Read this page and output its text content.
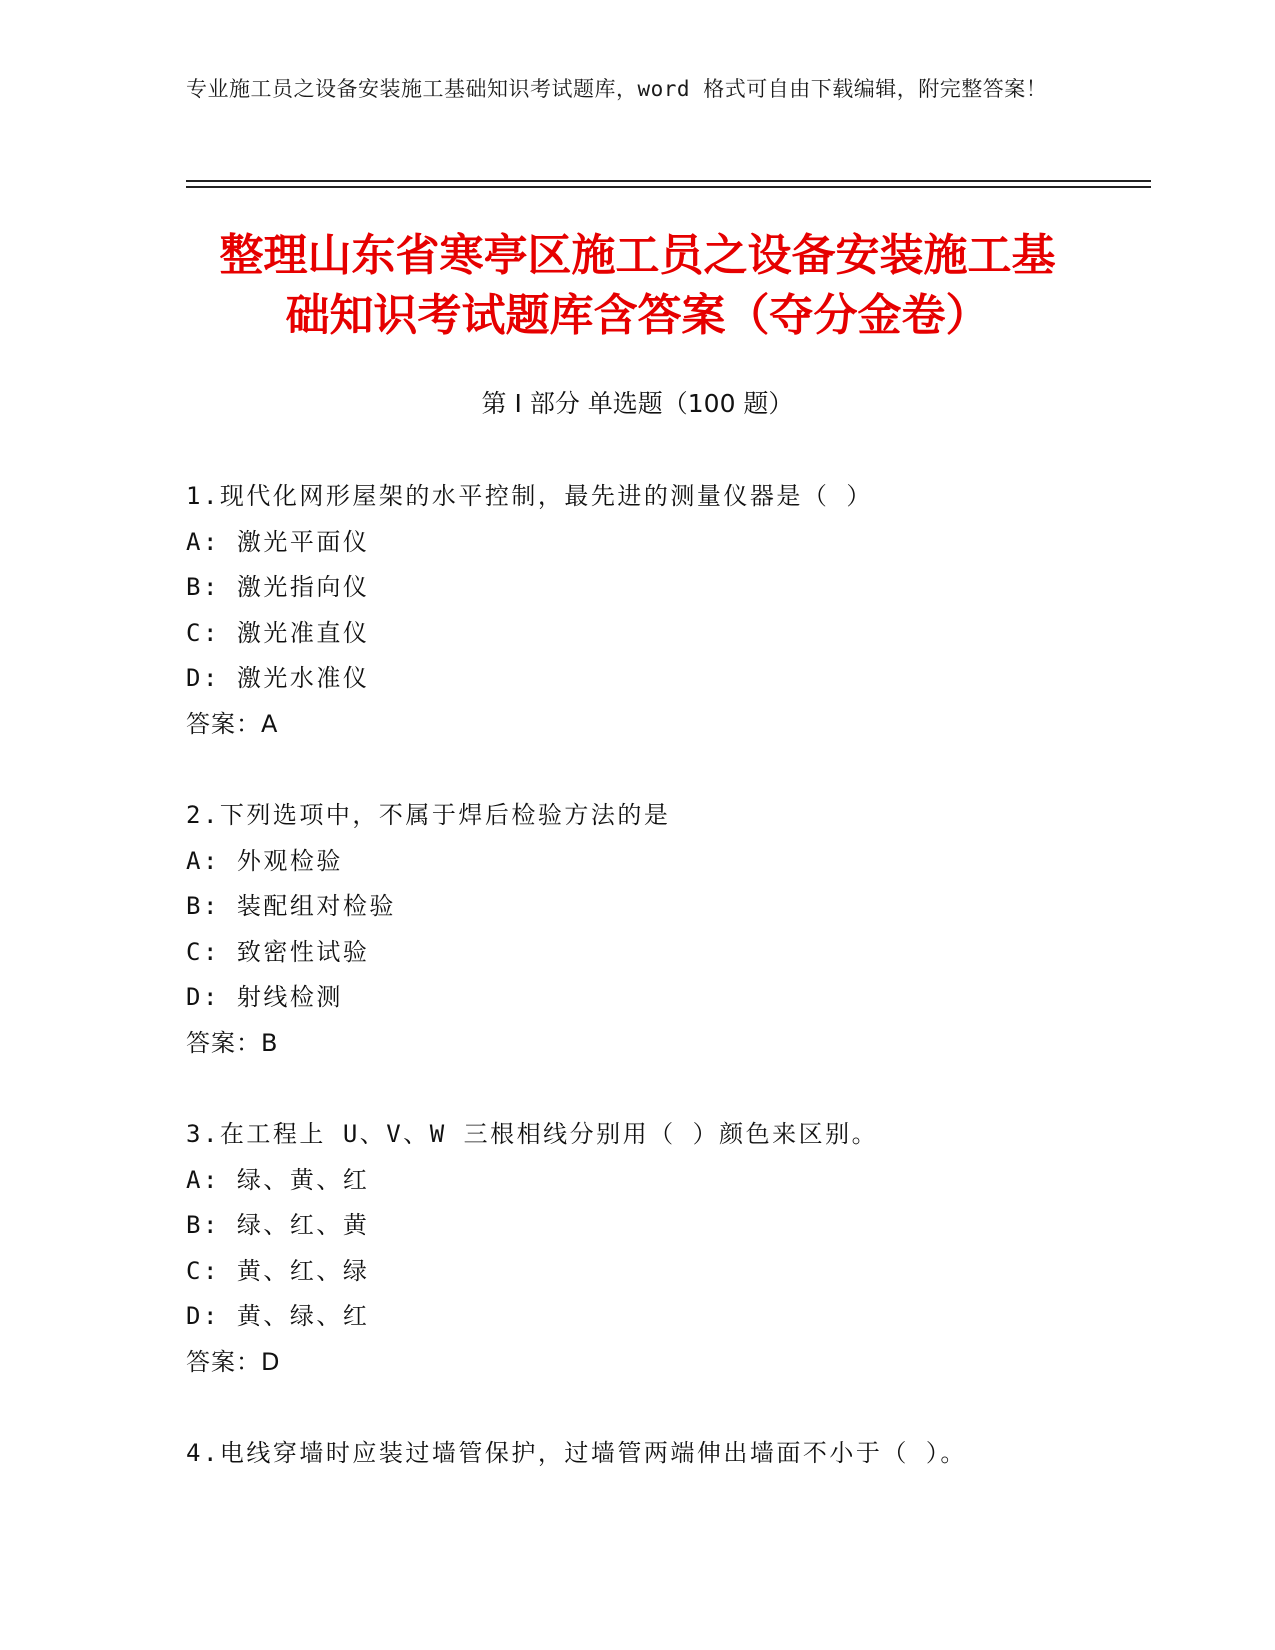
专业施工员之设备安装施工基础知识考试题库，word 格式可自由下载编辑，附完整答案！
整理山东省寒亭区施工员之设备安装施工基
础知识考试题库含答案（夺分金卷）
第 I 部分 单选题（100 题）
1.现代化网形屋架的水平控制，最先进的测量仪器是（ ）
A: 激光平面仪
B: 激光指向仪
C: 激光准直仪
D: 激光水准仪
答案：A
2.下列选项中，不属于焊后检验方法的是
A: 外观检验
B: 装配组对检验
C: 致密性试验
D: 射线检测
答案：B
3.在工程上 U、V、W 三根相线分别用（ ）颜色来区别。
A: 绿、黄、红
B: 绿、红、黄
C: 黄、红、绿
D: 黄、绿、红
答案：D
4.电线穿墙时应装过墙管保护，过墙管两端伸出墙面不小于（ ）。
